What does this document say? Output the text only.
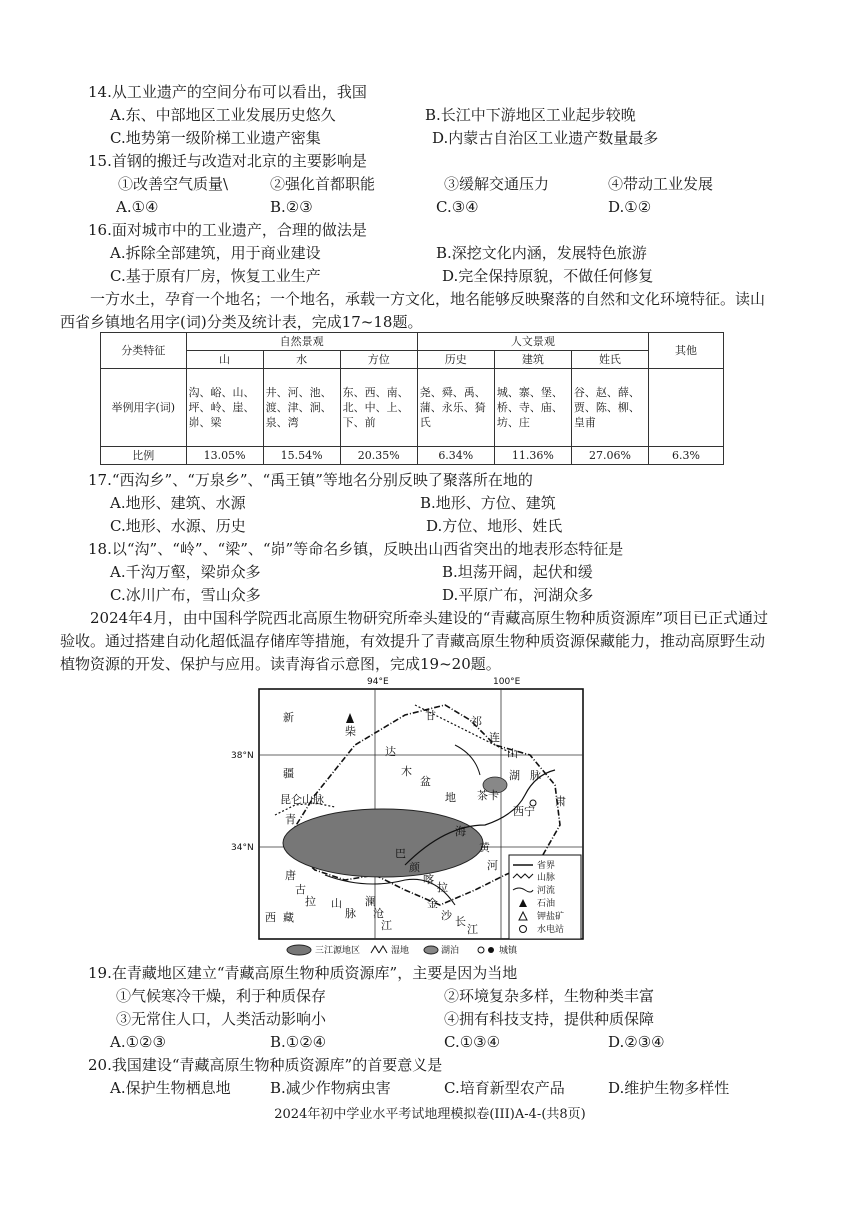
14.从工业遗产的空间分布可以看出，我国
A.东、中部地区工业发展历史悠久	B.长江中下游地区工业起步较晚
C.地势第一级阶梯工业遗产密集	D.内蒙古自治区工业遗产数量最多
15.首钢的搬迁与改造对北京的主要影响是
①改善空气质量\	②强化首都职能	③缓解交通压力	④带动工业发展
A.①④	B.②③	C.③④	D.①②
16.面对城市中的工业遗产，合理的做法是
A.拆除全部建筑，用于商业建设	B.深挖文化内涵，发展特色旅游
C.基于原有厂房，恢复工业生产	D.完全保持原貌，不做任何修复
一方水土，孕育一个地名；一个地名，承载一方文化，地名能够反映聚落的自然和文化环境特征。读山西省乡镇地名用字(词)分类及统计表，完成17~18题。
分类特征	自然景观			人文景观			其他
	山	水	方位	历史	建筑	姓氏	
举例用字(词)	沟、峪、山、坪、岭、崖、峁、梁	井、河、池、渡、津、涧、泉、湾	东、西、南、北、中、上、下、前	尧、舜、禹、蒲、永乐、猗氏	城、寨、堡、桥、寺、庙、坊、庄	谷、赵、薛、贾、陈、柳、皇甫	
比例	13.05%	15.54%	20.35%	6.34%	11.36%	27.06%	6.3%
17.“西沟乡”、“万泉乡”、“禹王镇”等地名分别反映了聚落所在地的
A.地形、建筑、水源	B.地形、方位、建筑
C.地形、水源、历史	D.方位、地形、姓氏
18.以“沟”、“岭”、“梁”、“峁”等命名乡镇，反映出山西省突出的地表形态特征是
A.千沟万壑，梁峁众多	B.坦荡开阔，起伏和缓
C.冰川广布，雪山众多	D.平原广布，河湖众多
2024年4月，由中国科学院西北高原生物研究所牵头建设的“青藏高原生物种质资源库”项目已正式通过验收。通过搭建自动化超低温存储库等措施，有效提升了青藏高原生物种质资源保藏能力，推动高原野生动植物资源的开发、保护与应用。读青海省示意图，完成19~20题。
94°E	100°E
38°N
34°N
新
疆
柴
达
木
盆
地
甘	祁
连
山
脉
肃
昆仑山脉
青
海
茶卡
西宁
湖
黄
河
巴
颜
喀
拉
唐
古
拉 山
脉
西 藏
澜
沧
江
金
沙 长
江
省界
山脉
河流
石油
钾盐矿
水电站
三江源地区	湿地	湖泊	城镇
19.在青藏地区建立“青藏高原生物种质资源库”，主要是因为当地
①气候寒冷干燥，利于种质保存	②环境复杂多样，生物种类丰富
③无常住人口，人类活动影响小	④拥有科技支持，提供种质保障
A.①②③	B.①②④	C.①③④	D.②③④
20.我国建设“青藏高原生物种质资源库”的首要意义是
A.保护生物栖息地	B.减少作物病虫害	C.培育新型农产品	D.维护生物多样性
2024年初中学业水平考试地理模拟卷(III)A-4-(共8页)
